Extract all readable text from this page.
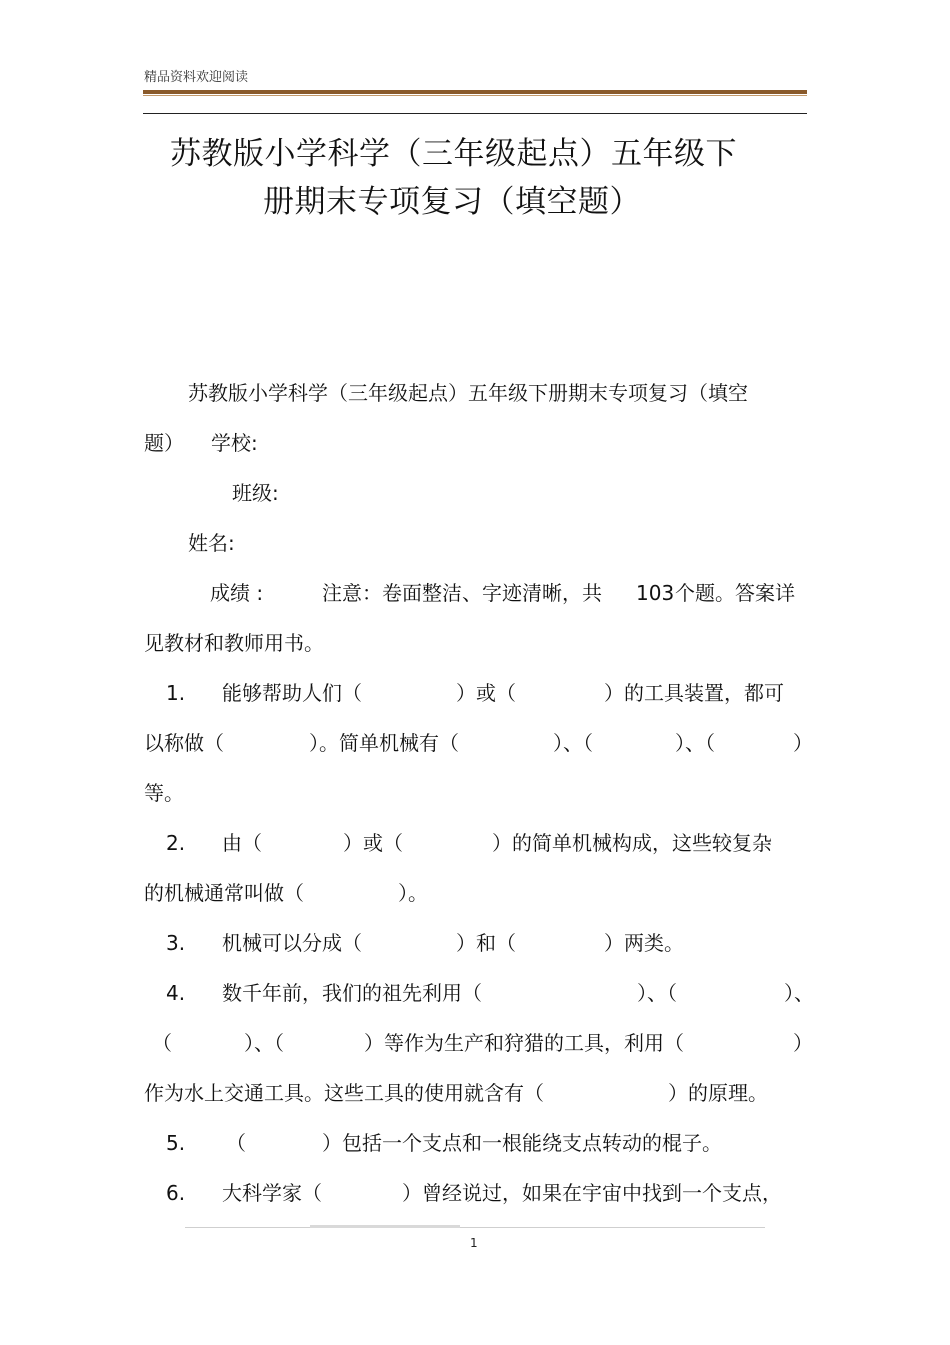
精品资料欢迎阅读
苏教版小学科学（三年级起点）五年级下
册期末专项复习（填空题）
苏教版小学科学（三年级起点）五年级下册期末专项复习（填空
题） 学校:
班级:
姓名:
成绩 :	注意：卷面整洁、字迹清晰，共 103 个题。答案详
见教材和教师用书。
1. 能够帮助人们（	）或（	）的工具装置，都可
以称做（	）。简单机械有（	）、（	）、（	）
等。
2. 由（	）或（	）的简单机械构成，这些较复杂
的机械通常叫做（	）。
3. 机械可以分成（	）和（	）两类。
4. 数千年前，我们的祖先利用（	）、（	）、
（	）、（	）等作为生产和狩猎的工具，利用（	）
作为水上交通工具。这些工具的使用就含有（	）的原理。
5. （	）包括一个支点和一根能绕支点转动的棍子。
6. 大科学家（	）曾经说过，如果在宇宙中找到一个支点，
1
